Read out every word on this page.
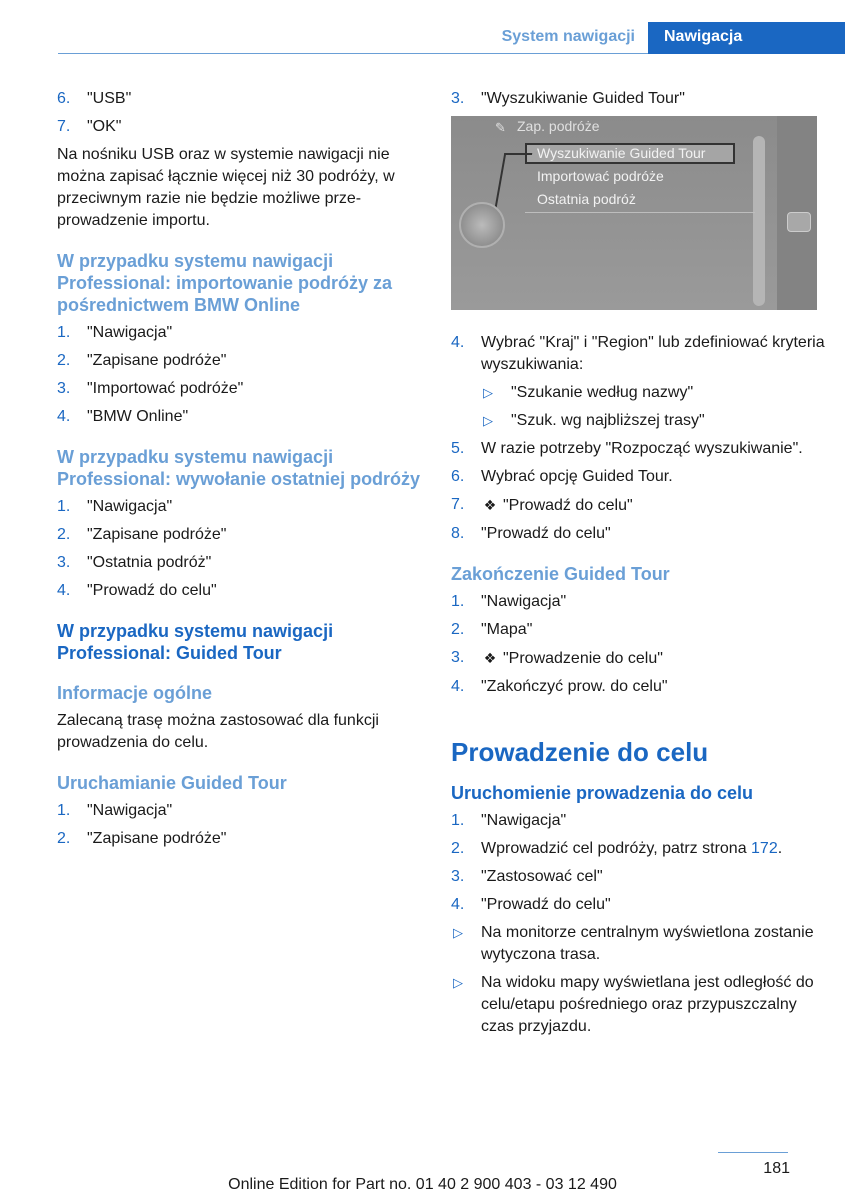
System nawigacji	Nawigacja
6. "USB"
7. "OK"

Na nośniku USB oraz w systemie nawigacji nie można zapisać łącznie więcej niż 30 podróży, w przeciwnym razie nie będzie możliwe przeprowadzenie importu.

W przypadku systemu nawigacji Professional: importowanie podróży za pośrednictwem BMW Online
1. "Nawigacja"
2. "Zapisane podróże"
3. "Importować podróże"
4. "BMW Online"
W przypadku systemu nawigacji Professional: wywołanie ostatniej podróży
1. "Nawigacja"
2. "Zapisane podróże"
3. "Ostatnia podróż"
4. "Prowadź do celu"
W przypadku systemu nawigacji Professional: Guided Tour
Informacje ogólne

Zalecaną trasę można zastosować dla funkcji prowadzenia do celu.

Uruchamianie Guided Tour
1. "Nawigacja"
2. "Zapisane podróże"
3. "Wyszukiwanie Guided Tour"
✎ Zap. podróże
Wyszukiwanie Guided Tour
Importować podróże
Ostatnia podróż
4. Wybrać "Kraj" i "Region" lub zdefiniować kryteria wyszukiwania:
▷ "Szukanie według nazwy"
▷ "Szuk. wg najbliższej trasy"
5. W razie potrzeby "Rozpocząć wyszukiwanie".
6. Wybrać opcję Guided Tour.
7. ❖ "Prowadź do celu"
8. "Prowadź do celu"
Zakończenie Guided Tour
1. "Nawigacja"
2. "Mapa"
3. ❖ "Prowadzenie do celu"
4. "Zakończyć prow. do celu"
Prowadzenie do celu
Uruchomienie prowadzenia do celu
1. "Nawigacja"
2. Wprowadzić cel podróży, patrz strona 172.
3. "Zastosować cel"
4. "Prowadź do celu"
▷ Na monitorze centralnym wyświetlona zostanie wytyczona trasa.
▷ Na widoku mapy wyświetlana jest odległość do celu/etapu pośredniego oraz przypuszczalny czas przyjazdu.
181
Online Edition for Part no. 01 40 2 900 403 - 03 12 490
